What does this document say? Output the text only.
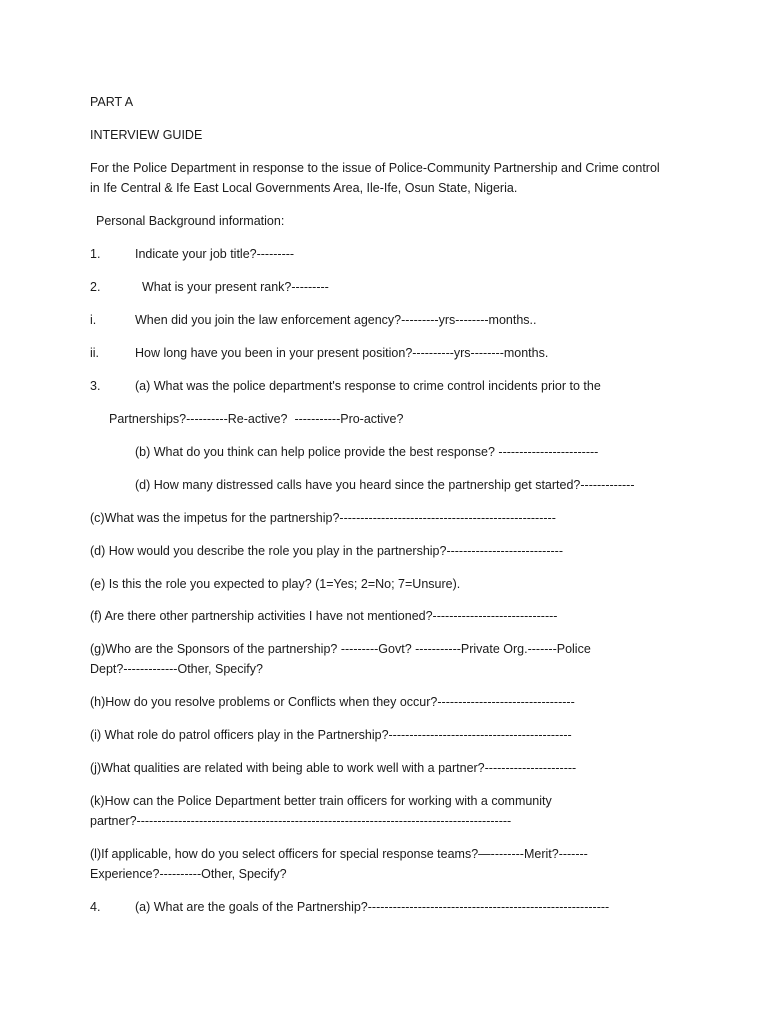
PART A
INTERVIEW GUIDE
For the Police Department in response to the issue of Police-Community Partnership and Crime control
in Ife Central & Ife East Local Governments Area, Ile-Ife, Osun State, Nigeria.
Personal Background information:
1.	Indicate your job title?---------
2.	What is your present rank?---------
i.	When did you join the law enforcement agency?---------yrs--------months..
ii.	How long have you been in your present position?----------yrs--------months.
3.	(a) What was the police department's response to crime control incidents prior to the
Partnerships?----------Re-active?  -----------Pro-active?
(b) What do you think can help police provide the best response? ------------------------
(d) How many distressed calls have you heard since the partnership get started?-------------
(c)What was the impetus for the partnership?----------------------------------------------------
(d) How would you describe the role you play in the partnership?----------------------------
(e) Is this the role you expected to play? (1=Yes; 2=No; 7=Unsure).
(f) Are there other partnership activities I have not mentioned?------------------------------
(g)Who are the Sponsors of the partnership? ---------Govt? -----------Private Org.-------Police
Dept?-------------Other, Specify?
(h)How do you resolve problems or Conflicts when they occur?---------------------------------
(i) What role do patrol officers play in the Partnership?--------------------------------------------
(j)What qualities are related with being able to work well with a partner?----------------------
(k)How can the Police Department better train officers for working with a community
partner?------------------------------------------------------------------------------------------
(l)If applicable, how do you select officers for special response teams?—--------Merit?-------
Experience?----------Other, Specify?
4.	(a) What are the goals of the Partnership?----------------------------------------------------------
